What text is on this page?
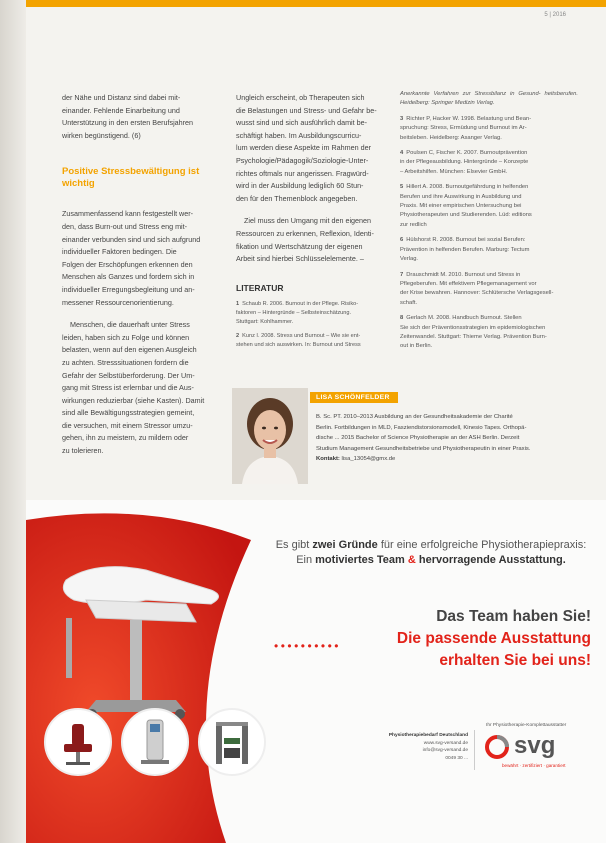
5 | 2016

der Nähe und Distanz sind dabei mit-
einander. Fehlende Einarbeitung und
Unterstützung in den ersten Berufsjahren
wirken begünstigend. (6)

Positive Stressbewältigung ist wichtig

Zusammenfassend kann festgestellt wer-
den, dass Burn-out und Stress eng mit-
einander verbunden sind und sich aufgrund
individueller Faktoren bedingen. Die
Folgen der Erschöpfungen erkennen den
Menschen als Ganzes und fordern sich in
individueller Erregungsbegleitung und an-
messener Ressourcenorientierung.

Menschen, die dauerhaft unter Stress
leiden, haben sich zu Folge und können
belasten, wenn auf den eigenen Ausgleich
zu achten. Stresssituationen fordern die
Gefahr der Selbstüberforderung. Der Um-
gang mit Stress ist erlernbar und die Aus-
wirkungen reduzierbar (siehe Kasten). Damit
sind alle Bewältigungsstrategien gemeint,
die versuchen, mit einem Stressor umzu-
gehen, ihn zu meistern, zu mildern oder
zu tolerieren.

Ungleich erscheint, ob Therapeuten sich
die Belastungen und Stress- und Gefahr be-
wusst sind und sich ausführlich damit be-
schäftigt haben. Im Ausbildungscurricu-
lum werden diese Aspekte im Rahmen der
Psychologie/Pädagogik/Soziologie-Unter-
richtes oftmals nur angerissen. Fragwürd-
wird in der Ausbildung lediglich 60 Stun-
den für den Themenblock angegeben.

Ziel muss den Umgang mit den eigenen
Ressourcen zu erkennen, Reflexion, Identi-
fikation und Wertschätzung der eigenen
Arbeit sind hierbei Schlüsselelemente. –

LITERATUR
1 Schaub R. 2006. Burnout in der Pflege. Risiko-
faktoren – Hintergründe – Selbsteinschätzung.
Stuttgart: Kohlhammer.
2 Kunz I. 2008. Stress und Burnout – Wie sie ent-
stehen und sich auswirken. In: Burnout und Stress
Anerkannte Verfahren zur Stressbilanz in Gesund- heitsberufen. Heidelberg: Springer Medizin Verlag.
3 Richter P, Hacker W. 1998. Belastung und Bean-
spruchung: Stress, Ermüdung und Burnout im Ar-
beitsleben. Heidelberg: Asanger Verlag.
4 Poulsen C, Fischer K. 2007. Burnoutprävention
in der Pflegeausbildung. Hintergründe – Konzepte
– Arbeitshilfen. München: Elsevier GmbH.
5 Hillert A. 2008. Burnoutgefährdung in helfenden
Berufen und ihre Auswirkung in Ausbildung und
Praxis. Mit einer empirischen Untersuchung bei
Physiotherapeuten und Studierenden. Lüd: editions
zur redlich
6 Hülshorst R. 2008. Burnout bei sozial Berufen:
Prävention in helfenden Berufen. Marburg: Tectum
Verlag.
7 Drauschmidt M. 2010. Burnout und Stress in
Pflegeberufen. Mit effektivem Pflegemanagement vor
der Krise bewahren. Hannover: Schlütersche Verlagsgesell-
schaft.
8 Gerlach M. 2008. Handbuch Burnout. Stellen
Sie sich der Präventionsstrategien im epidemiologischen
Zeitenwandel. Stuttgart: Thieme Verlag. Prävention Burn-
out in Berlin.
LISA SCHÖNFELDER
B. Sc. PT. 2010–2013 Ausbildung an der Gesundheitsakademie der Charité
Berlin. Fortbildungen in MLD, Fasziendistorsionsmodell, Kinesio Tapes. Orthopä-
dische ... 2015 Bachelor of Science Physiotherapie an der ASH Berlin. Derzeit
Studium Management Gesundheitsbetriebe und Physiotherapeutin in einer Praxis.
Kontakt: lisa_13054@gmx.de
Es gibt zwei Gründe für eine erfolgreiche Physiotherapiepraxis:
Ein motiviertes Team & hervorragende Ausstattung.
Das Team haben Sie!
••••••••••	Die passende Ausstattung
erhalten Sie bei uns!
Physiotherapiebedarf Deutschland
www.svg-versand.de
info@svg-versand.de
0049 30 ...
Ihr Physiotherapie-Komplettausstatter
svg
bewährt · zertifiziert · garantiert
